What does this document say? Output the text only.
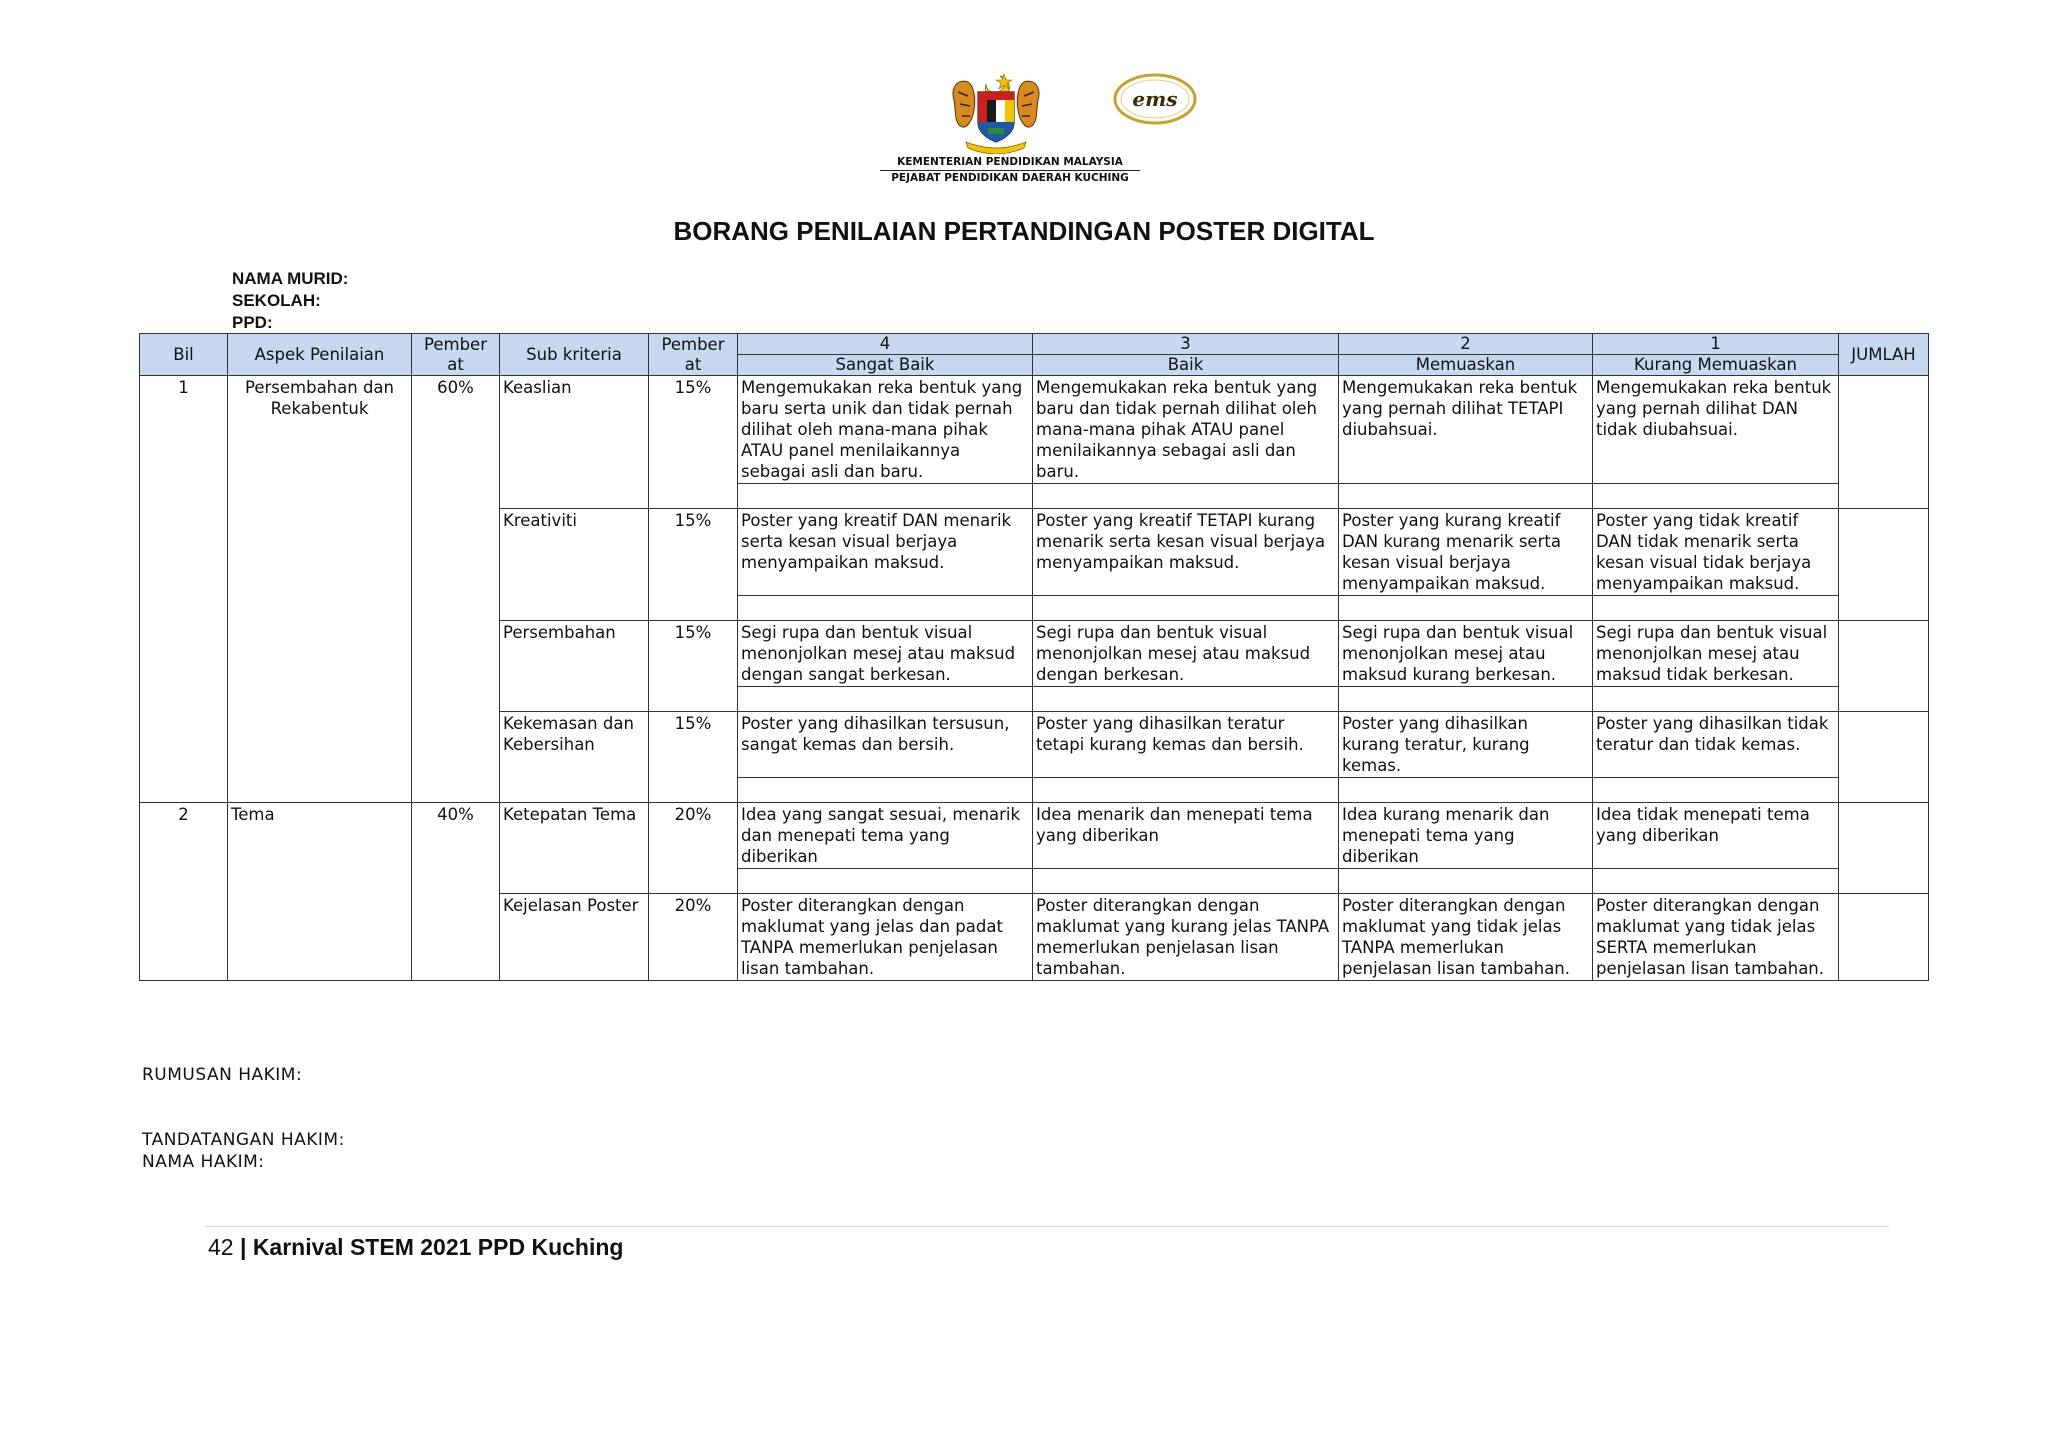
ems
KEMENTERIAN PENDIDIKAN MALAYSIA
PEJABAT PENDIDIKAN DAERAH KUCHING
BORANG PENILAIAN PERTANDINGAN POSTER DIGITAL
NAMA MURID:
SEKOLAH:
PPD:
Bil	Aspek Penilaian	Pember at	Sub kriteria	Pember at	4	3	2	1	JUMLAH
					Sangat Baik	Baik	Memuaskan	Kurang Memuaskan	
1	Persembahan dan Rekabentuk	60%	Keaslian	15%	Mengemukakan reka bentuk yang baru serta unik dan tidak pernah dilihat oleh mana-mana pihak ATAU panel menilaikannya sebagai asli dan baru.	Mengemukakan reka bentuk yang baru dan tidak pernah dilihat oleh mana-mana pihak ATAU panel menilaikannya sebagai asli dan baru.	Mengemukakan reka bentuk yang pernah dilihat TETAPI diubahsuai.	Mengemukakan reka bentuk yang pernah dilihat DAN tidak diubahsuai.	

			Kreativiti	15%	Poster yang kreatif DAN menarik serta kesan visual berjaya menyampaikan maksud.	Poster yang kreatif TETAPI kurang menarik serta kesan visual berjaya menyampaikan maksud.	Poster yang kurang kreatif DAN kurang menarik serta kesan visual berjaya menyampaikan maksud.	Poster yang tidak kreatif DAN tidak menarik serta kesan visual tidak berjaya menyampaikan maksud.	

			Persembahan	15%	Segi rupa dan bentuk visual menonjolkan mesej atau maksud dengan sangat berkesan.	Segi rupa dan bentuk visual menonjolkan mesej atau maksud dengan berkesan.	Segi rupa dan bentuk visual menonjolkan mesej atau maksud kurang berkesan.	Segi rupa dan bentuk visual menonjolkan mesej atau maksud tidak berkesan.	

			Kekemasan dan Kebersihan	15%	Poster yang dihasilkan tersusun, sangat kemas dan bersih.	Poster yang dihasilkan teratur tetapi kurang kemas dan bersih.	Poster yang dihasilkan kurang teratur, kurang kemas.	Poster yang dihasilkan tidak teratur dan tidak kemas.	

2	Tema	40%	Ketepatan Tema	20%	Idea yang sangat sesuai, menarik dan menepati tema yang diberikan	Idea menarik dan menepati tema yang diberikan	Idea kurang menarik dan menepati tema yang diberikan	Idea tidak menepati tema yang diberikan	

			Kejelasan Poster	20%	Poster diterangkan dengan maklumat yang jelas dan padat TANPA memerlukan penjelasan lisan tambahan.	Poster diterangkan dengan maklumat yang kurang jelas TANPA memerlukan penjelasan lisan tambahan.	Poster diterangkan dengan maklumat yang tidak jelas TANPA memerlukan penjelasan lisan tambahan.	Poster diterangkan dengan maklumat yang tidak jelas SERTA memerlukan penjelasan lisan tambahan.	
RUMUSAN HAKIM:
TANDATANGAN HAKIM:
NAMA HAKIM:
42 | Karnival STEM 2021 PPD Kuching
